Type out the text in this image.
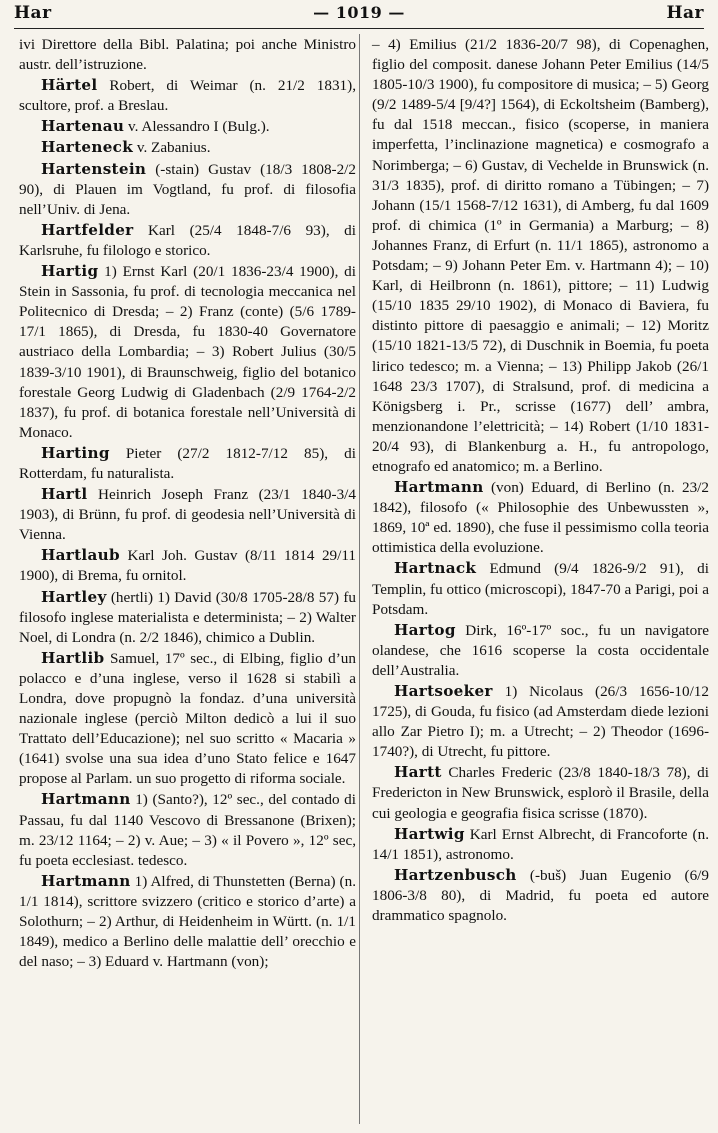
Har	— 1019 —	Har

ivi Direttore della Bibl. Palatina; poi anche Ministro austr. dell’istruzione.

Härtel Robert, di Weimar (n. 21/2 1831), scultore, prof. a Breslau.

Hartenau v. Alessandro I (Bulg.).

Harteneck v. Zabanius.

Hartenstein (-stain) Gustav (18/3 1808-2/2 90), di Plauen im Vogtland, fu prof. di filosofia nell’Univ. di Jena.

Hartfelder Karl (25/4 1848-7/6 93), di Karlsruhe, fu filologo e storico.

Hartig 1) Ernst Karl (20/1 1836-23/4 1900), di Stein in Sassonia, fu prof. di tecnologia meccanica nel Politecnico di Dresda; – 2) Franz (conte) (5/6 1789-17/1 1865), di Dresda, fu 1830-40 Governatore austriaco della Lombardia; – 3) Robert Julius (30/5 1839-3/10 1901), di Braunschweig, figlio del botanico forestale Georg Ludwig di Gladenbach (2/9 1764-2/2 1837), fu prof. di botanica forestale nell’Università di Monaco.

Harting Pieter (27/2 1812-7/12 85), di Rotterdam, fu naturalista.

Hartl Heinrich Joseph Franz (23/1 1840-3/4 1903), di Brünn, fu prof. di geodesia nell’Università di Vienna.

Hartlaub Karl Joh. Gustav (8/11 1814 29/11 1900), di Brema, fu ornitol.

Hartley (hertli) 1) David (30/8 1705-28/8 57) fu filosofo inglese materialista e determinista; – 2) Walter Noel, di Londra (n. 2/2 1846), chimico a Dublin.

Hartlib Samuel, 17º sec., di Elbing, figlio d’un polacco e d’una inglese, verso il 1628 si stabilì a Londra, dove propugnò la fondaz. d’una università nazionale inglese (perciò Milton dedicò a lui il suo Trattato dell’Educazione); nel suo scritto « Macaria » (1641) svolse una sua idea d’uno Stato felice e 1647 propose al Parlam. un suo progetto di riforma sociale.

Hartmann 1) (Santo?), 12º sec., del contado di Passau, fu dal 1140 Vescovo di Bressanone (Brixen); m. 23/12 1164; – 2) v. Aue; – 3) « il Povero », 12º sec, fu poeta ecclesiast. tedesco.

Hartmann 1) Alfred, di Thunstetten (Berna) (n. 1/1 1814), scrittore svizzero (critico e storico d’arte) a Solothurn; – 2) Arthur, di Heidenheim in Württ. (n. 1/1 1849), medico a Berlino delle malattie dell’ orecchio e del naso; – 3) Eduard v. Hartmann (von);

– 4) Emilius (21/2 1836-20/7 98), di Copenaghen, figlio del composit. danese Johann Peter Emilius (14/5 1805-10/3 1900), fu compositore di musica; – 5) Georg (9/2 1489-5/4 [9/4?] 1564), di Eckoltsheim (Bamberg), fu dal 1518 meccan., fisico (scoperse, in maniera imperfetta, l’inclinazione magnetica) e cosmografo a Norimberga; – 6) Gustav, di Vechelde in Brunswick (n. 31/3 1835), prof. di diritto romano a Tübingen; – 7) Johann (15/1 1568-7/12 1631), di Amberg, fu dal 1609 prof. di chimica (1º in Germania) a Marburg; – 8) Johannes Franz, di Erfurt (n. 11/1 1865), astronomo a Potsdam; – 9) Johann Peter Em. v. Hartmann 4); – 10) Karl, di Heilbronn (n. 1861), pittore; – 11) Ludwig (15/10 1835 29/10 1902), di Monaco di Baviera, fu distinto pittore di paesaggio e animali; – 12) Moritz (15/10 1821-13/5 72), di Duschnik in Boemia, fu poeta lirico tedesco; m. a Vienna; – 13) Philipp Jakob (26/1 1648 23/3 1707), di Stralsund, prof. di medicina a Königsberg i. Pr., scrisse (1677) dell’ ambra, menzionandone l’elettricità; – 14) Robert (1/10 1831-20/4 93), di Blankenburg a. H., fu antropologo, etnografo ed anatomico; m. a Berlino.

Hartmann (von) Eduard, di Berlino (n. 23/2 1842), filosofo (« Philosophie des Unbewussten », 1869, 10ª ed. 1890), che fuse il pessimismo colla teoria ottimistica della evoluzione.

Hartnack Edmund (9/4 1826-9/2 91), di Templin, fu ottico (microscopi), 1847-70 a Parigi, poi a Potsdam.

Hartog Dirk, 16º-17º soc., fu un navigatore olandese, che 1616 scoperse la costa occidentale dell’Australia.

Hartsoeker 1) Nicolaus (26/3 1656-10/12 1725), di Gouda, fu fisico (ad Amsterdam diede lezioni allo Zar Pietro I); m. a Utrecht; – 2) Theodor (1696-1740?), di Utrecht, fu pittore.

Hartt Charles Frederic (23/8 1840-18/3 78), di Fredericton in New Brunswick, esplorò il Brasile, della cui geologia e geografia fisica scrisse (1870).

Hartwig Karl Ernst Albrecht, di Francoforte (n. 14/1 1851), astronomo.

Hartzenbusch (-buš) Juan Eugenio (6/9 1806-3/8 80), di Madrid, fu poeta ed autore drammatico spagnolo.
